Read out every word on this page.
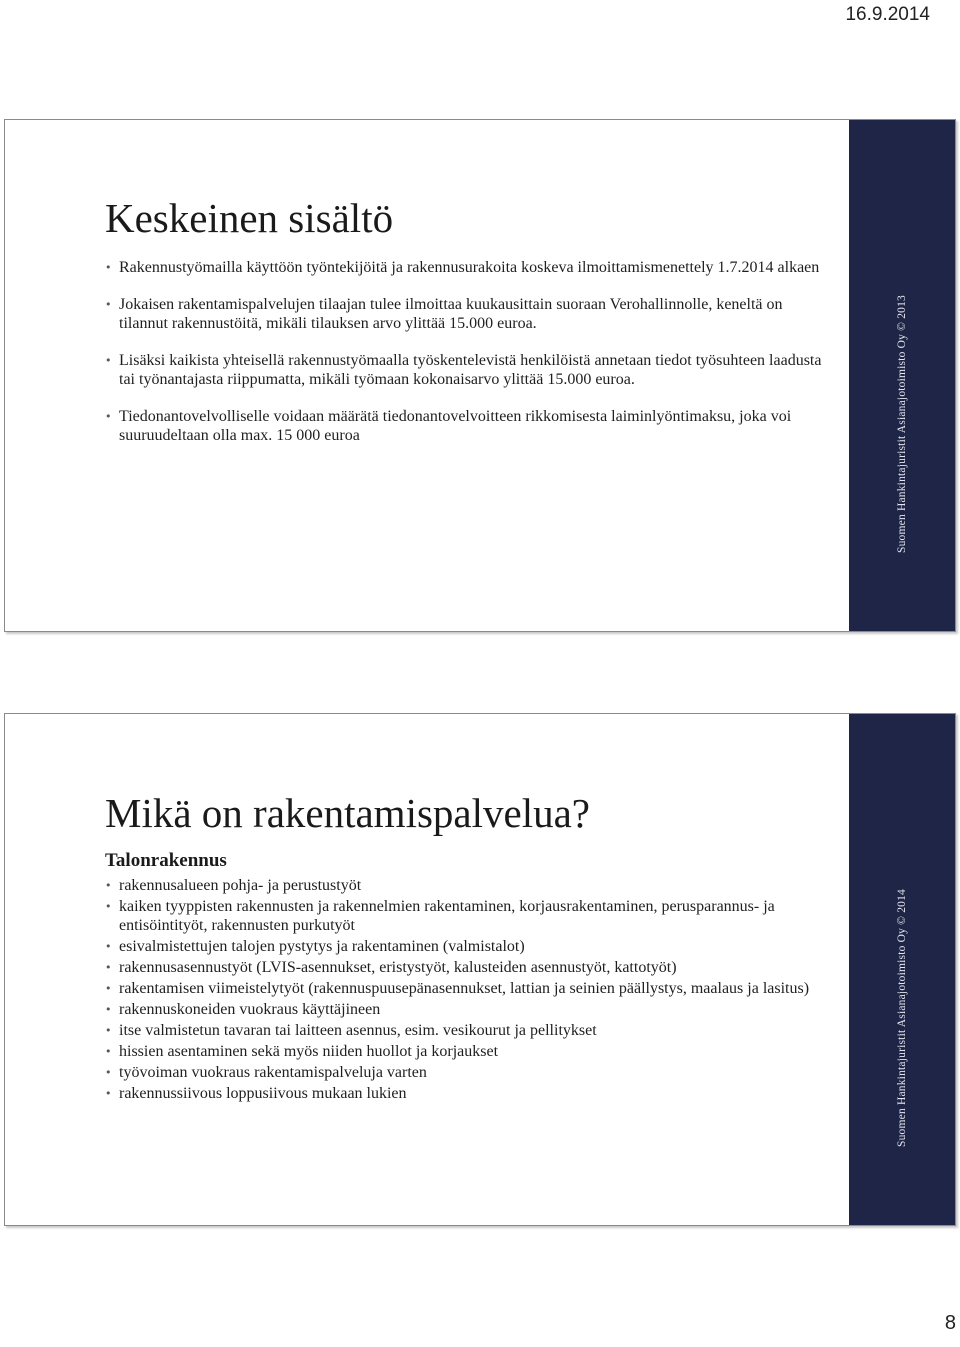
16.9.2014
Keskeinen sisältö
• Rakennustyömailla käyttöön työntekijöitä ja rakennusurakoita koskeva ilmoittamismenettely 1.7.2014 alkaen
• Jokaisen rakentamispalvelujen tilaajan tulee ilmoittaa kuukausittain suoraan Verohallinnolle, keneltä on tilannut rakennustöitä, mikäli tilauksen arvo ylittää 15.000 euroa.
• Lisäksi kaikista yhteisellä rakennustyömaalla työskentelevistä henkilöistä annetaan tiedot työsuhteen laadusta tai työnantajasta riippumatta, mikäli työmaan kokonaisarvo ylittää 15.000 euroa.
• Tiedonantovelvolliselle voidaan määrätä tiedonantovelvoitteen rikkomisesta laiminlyöntimaksu, joka voi suuruudeltaan olla max. 15 000 euroa	Suomen Hankintajuristit Asianajotoimisto Oy © 2013
Mikä on rakentamispalvelua?
Talonrakennus
• rakennusalueen pohja- ja perustustyöt
• kaiken tyyppisten rakennusten ja rakennelmien rakentaminen, korjausrakentaminen, perusparannus- ja entisöintityöt, rakennusten purkutyöt
• esivalmistettujen talojen pystytys ja rakentaminen (valmistalot)
• rakennusasennustyöt (LVIS-asennukset, eristystyöt, kalusteiden asennustyöt, kattotyöt)
• rakentamisen viimeistelytyöt (rakennuspuusepänasennukset, lattian ja seinien päällystys, maalaus ja lasitus)
• rakennuskoneiden vuokraus käyttäjineen
• itse valmistetun tavaran tai laitteen asennus, esim. vesikourut ja pellitykset
• hissien asentaminen sekä myös niiden huollot ja korjaukset
• työvoiman vuokraus rakentamispalveluja varten
• rakennussiivous loppusiivous mukaan lukien	Suomen Hankintajuristit Asianajotoimisto Oy © 2014
8
